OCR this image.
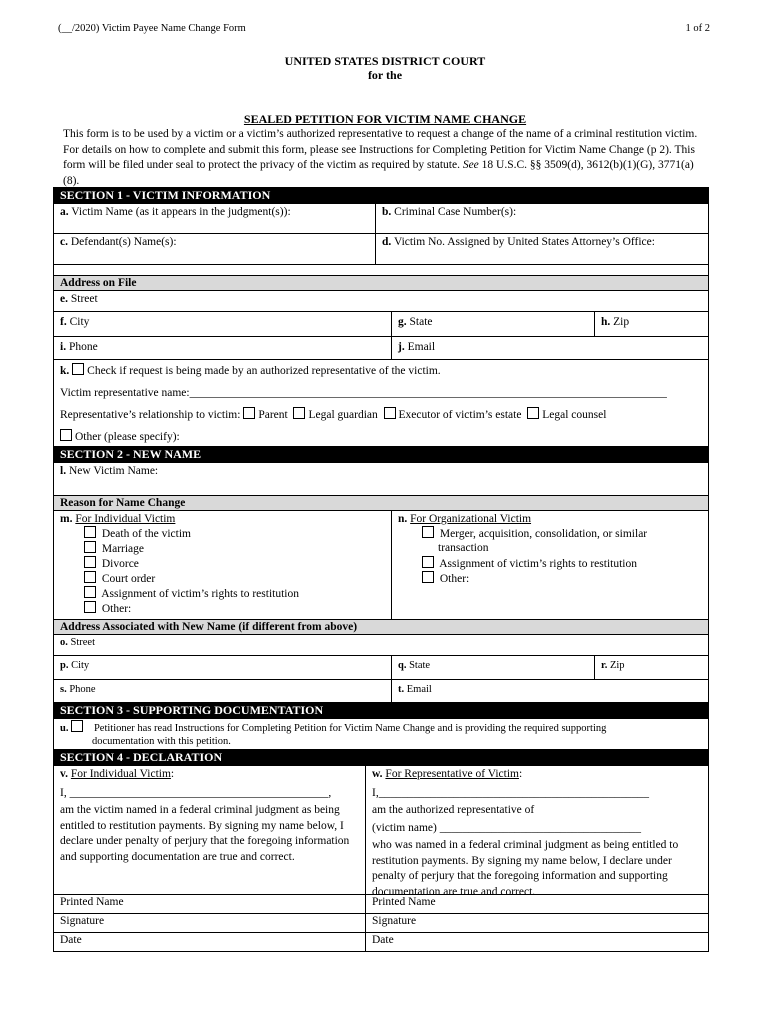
(__/2020) Victim Payee Name Change Form	1 of 2
UNITED STATES DISTRICT COURT
for the
SEALED PETITION FOR VICTIM NAME CHANGE
This form is to be used by a victim or a victim’s authorized representative to request a change of the name of a criminal restitution victim. For details on how to complete and submit this form, please see Instructions for Completing Petition for Victim Name Change (p 2). This form will be filed under seal to protect the privacy of the victim as required by statute. See 18 U.S.C. §§ 3509(d), 3612(b)(1)(G), 3771(a)(8).
SECTION 1 - VICTIM INFORMATION
a. Victim Name (as it appears in the judgment(s)):	b. Criminal Case Number(s):
c. Defendant(s) Name(s):	d. Victim No. Assigned by United States Attorney’s Office:
Address on File
e. Street
f. City	g. State	h. Zip
i. Phone	j. Email
k. Check if request is being made by an authorized representative of the victim.
Victim representative name:___________________________________________________________________________________
Representative’s relationship to victim: Parent Legal guardian Executor of victim’s estate Legal counsel
Other (please specify):
SECTION 2 - NEW NAME
l. New Victim Name:
Reason for Name Change
m. For Individual Victim
Death of the victim
Marriage
Divorce
Court order
Assignment of victim’s rights to restitution
Other:
n. For Organizational Victim
Merger, acquisition, consolidation, or similar
transaction
Assignment of victim’s rights to restitution
Other:
Address Associated with New Name (if different from above)
o. Street
p. City	q. State	r. Zip
s. Phone	t. Email
SECTION 3 - SUPPORTING DOCUMENTATION
u. Petitioner has read Instructions for Completing Petition for Victim Name Change and is providing the required supporting
documentation with this petition.
SECTION 4 - DECLARATION
v. For Individual Victim:
I, _____________________________________________,
am the victim named in a federal criminal judgment as being entitled to restitution payments. By signing my name below, I declare under penalty of perjury that the foregoing information and supporting documentation are true and correct.
w. For Representative of Victim:
I,_______________________________________________
am the authorized representative of
(victim name) ___________________________________
who was named in a federal criminal judgment as being entitled to restitution payments. By signing my name below, I declare under penalty of perjury that the foregoing information and supporting documentation are true and correct.
Printed Name	Printed Name
Signature	Signature
Date	Date
